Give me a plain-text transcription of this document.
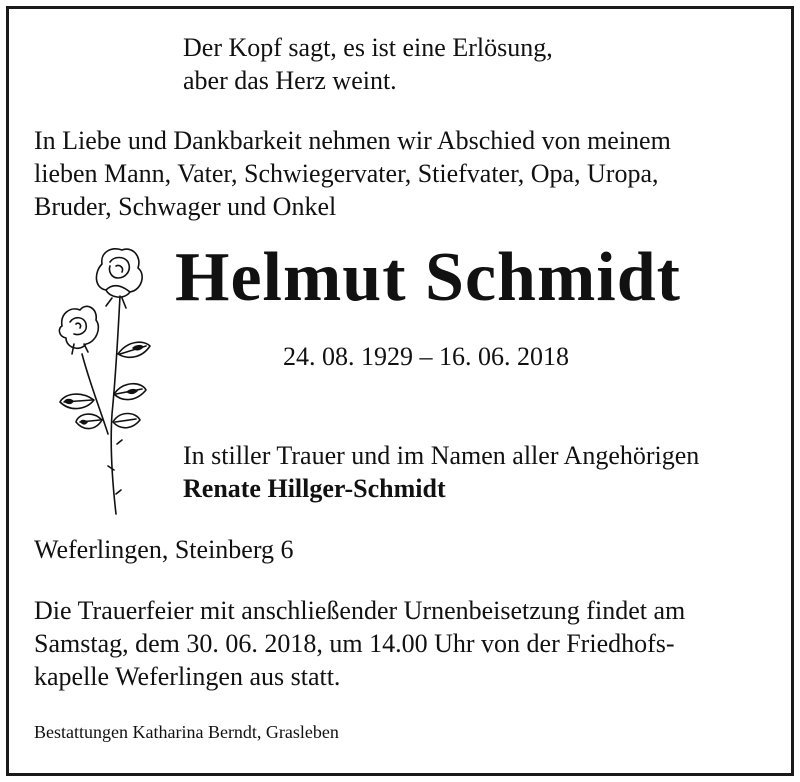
Der Kopf sagt, es ist eine Erlösung,
aber das Herz weint.
In Liebe und Dankbarkeit nehmen wir Abschied von meinem
lieben Mann, Vater, Schwiegervater, Stiefvater, Opa, Uropa,
Bruder, Schwager und Onkel
Helmut Schmidt
24. 08. 1929 – 16. 06. 2018
In stiller Trauer und im Namen aller Angehörigen
Renate Hillger-Schmidt
Weferlingen, Steinberg 6
Die Trauerfeier mit anschließender Urnenbeisetzung findet am
Samstag, dem 30. 06. 2018, um 14.00 Uhr von der Friedhofs-
kapelle Weferlingen aus statt.
Bestattungen Katharina Berndt, Grasleben
